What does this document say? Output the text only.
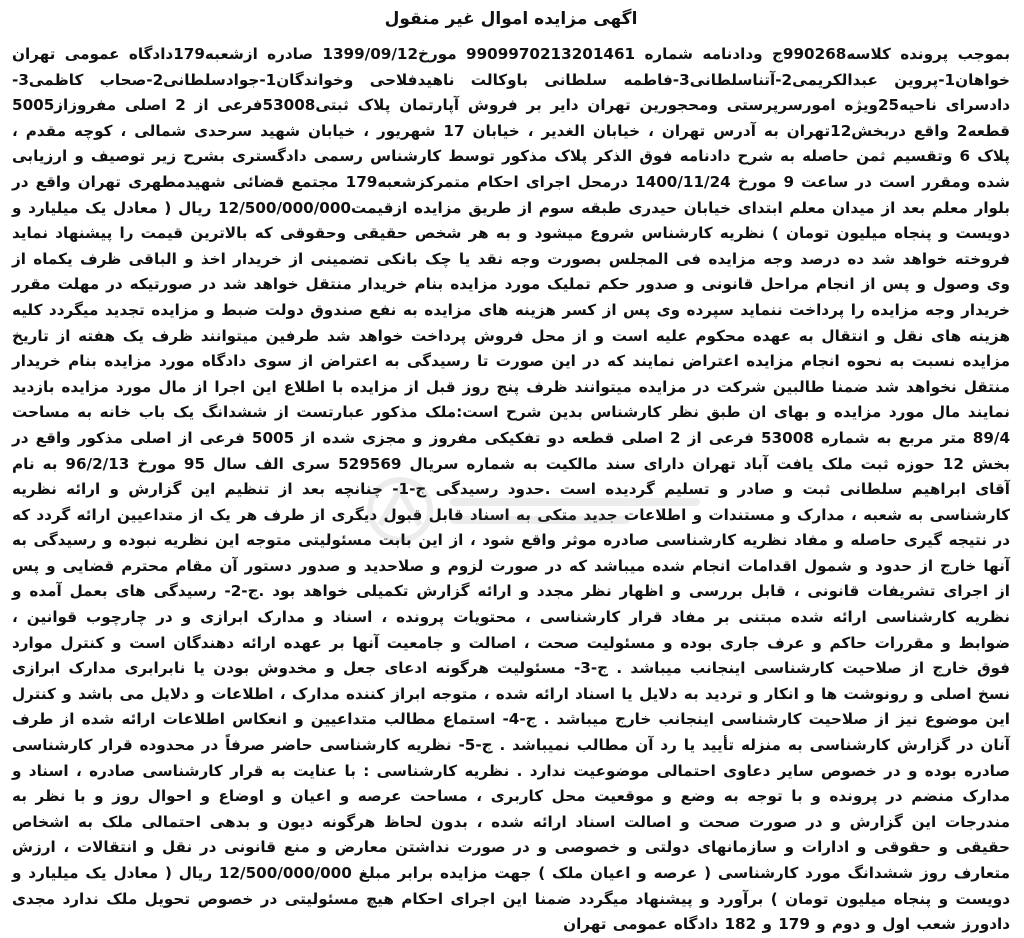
اگهی مزایده اموال غیر منقول

بموجب پرونده کلاسه990268ج ودادنامه شماره 9909970213201461 مورخ1399/09/12 صادره ازشعبه179دادگاه عمومی تهران خواهان1-پروین عبدالکریمی2-آتناسلطانی3-فاطمه سلطانی باوکالت ناهیدفلاحی وخواندگان1-جوادسلطانی2-صحاب کاظمی3-دادسرای ناحیه25ویژه امورسرپرستی ومحجورین تهران دایر بر فروش آپارتمان پلاک ثبتی53008فرعی از 2 اصلی مفروزاز5005 قطعه2 واقع دربخش12تهران به آدرس تهران ، خیابان الغدیر ، خیابان 17 شهریور ، خیابان شهید سرحدی شمالی ، کوچه مقدم ، پلاک 6 وتقسیم ثمن حاصله به شرح دادنامه فوق الذکر پلاک مذکور توسط کارشناس رسمی دادگستری بشرح زیر توصیف و ارزیابی شده ومقرر است در ساعت 9 مورخ 1400/11/24 درمحل اجرای احکام متمرکزشعبه179 مجتمع قضائی شهیدمطهری تهران واقع در بلوار معلم بعد از میدان معلم ابتدای خیابان حیدری طبقه سوم از طریق مزایده ازقیمت12/500/000/000 ریال ( معادل یک میلیارد و دویست و پنجاه میلیون تومان ) نظریه کارشناس شروع میشود و به هر شخص حقیقی وحقوقی که بالاترین قیمت را پیشنهاد نماید فروخته خواهد شد ده درصد وجه مزایده فی المجلس بصورت وجه نقد یا چک بانکی تضمینی از خریدار اخذ و الباقی ظرف یکماه از وی وصول و پس از انجام مراحل قانونی و صدور حکم تملیک مورد مزایده بنام خریدار منتقل خواهد شد در صورتیکه در مهلت مقرر خریدار وجه مزایده را پرداخت ننماید سپرده وی پس از کسر هزینه های مزایده به نفع صندوق دولت ضبط و مزایده تجدید میگردد کلیه هزینه های نقل و انتقال به عهده محکوم علیه است و از محل فروش پرداخت خواهد شد طرفین میتوانند ظرف یک هفته از تاریخ مزایده نسبت به نحوه انجام مزایده اعتراض نمایند که در این صورت تا رسیدگی به اعتراض از سوی دادگاه مورد مزایده بنام خریدار منتقل نخواهد شد ضمنا طالبین شرکت در مزایده میتوانند ظرف پنج روز قبل از مزایده با اطلاع این اجرا از مال مورد مزایده بازدید نمایند مال مورد مزایده و بهای ان طبق نظر کارشناس بدین شرح است:ملک مذکور عبارتست از ششدانگ یک باب خانه به مساحت 89/4 متر مربع به شماره 53008 فرعی از 2 اصلی قطعه دو تفکیکی مفروز و مجزی شده از 5005 فرعی از اصلی مذکور واقع در بخش 12 حوزه ثبت ملک یافت آباد تهران دارای سند مالکیت به شماره سریال 529569 سری الف سال 95 مورخ 96/2/13 به نام آقای ابراهیم سلطانی ثبت و صادر و تسلیم گردیده است .حدود رسیدگی ج-1- چنانچه بعد از تنظیم این گزارش و ارائه نظریه کارشناسی به شعبه ، مدارک و مستندات و اطلاعات جدید متکی به اسناد قابل قبول دیگری از طرف هر یک از متداعیین ارائه گردد که در نتیجه گیری حاصله و مفاد نظریه کارشناسی صادره موثر واقع شود ، از این بابت مسئولیتی متوجه این نظریه نبوده و رسیدگی به آنها خارج از حدود و شمول اقدامات انجام شده میباشد که در صورت لزوم و صلاحدید و صدور دستور آن مقام محترم قضایی و پس از اجرای تشریفات قانونی ، قابل بررسی و اظهار نظر مجدد و ارائه گزارش تکمیلی خواهد بود .ج-2- رسیدگی های بعمل آمده و نظریه کارشناسی ارائه شده مبتنی بر مفاد قرار کارشناسی ، محتویات پرونده ، اسناد و مدارک ابرازی و در چارچوب قوانین ، ضوابط و مقررات حاکم و عرف جاری بوده و مسئولیت صحت ، اصالت و جامعیت آنها بر عهده ارائه دهندگان است و کنترل موارد فوق خارج از صلاحیت کارشناسی اینجانب میباشد . ج-3- مسئولیت هرگونه ادعای جعل و مخدوش بودن یا نابرابری مدارک ابرازی نسخ اصلی و رونوشت ها و انکار و تردید به دلایل یا اسناد ارائه شده ، متوجه ابراز کننده مدارک ، اطلاعات و دلایل می باشد و کنترل این موضوع نیز از صلاحیت کارشناسی اینجانب خارج میباشد . ج-4- استماع مطالب متداعیین و انعکاس اطلاعات ارائه شده از طرف آنان در گزارش کارشناسی به منزله تأیید یا رد آن مطالب نمیباشد . ج-5- نظریه کارشناسی حاضر صرفاً در محدوده قرار کارشناسی صادره بوده و در خصوص سایر دعاوی احتمالی موضوعیت ندارد . نظریه کارشناسی : با عنایت به قرار کارشناسی صادره ، اسناد و مدارک منضم در پرونده و با توجه به وضع و موقعیت محل کاربری ، مساحت عرصه و اعیان و اوضاع و احوال روز و با نظر به مندرجات این گزارش و در صورت صحت و اصالت اسناد ارائه شده ، بدون لحاظ هرگونه دیون و بدهی احتمالی ملک به اشخاص حقیقی و حقوقی و ادارات و سازمانهای دولتی و خصوصی و در صورت نداشتن معارض و منع قانونی در نقل و انتقالات ، ارزش متعارف روز ششدانگ مورد کارشناسی ( عرصه و اعیان ملک ) جهت مزایده برابر مبلغ 12/500/000/000 ریال ( معادل یک میلیارد و دویست و پنجاه میلیون تومان ) برآورد و پیشنهاد میگردد ضمنا این اجرای احکام هیچ مسئولیتی در خصوص تحویل ملک ندارد مجدی دادورز شعب اول و دوم و 179 و 182 دادگاه عمومی تهران
